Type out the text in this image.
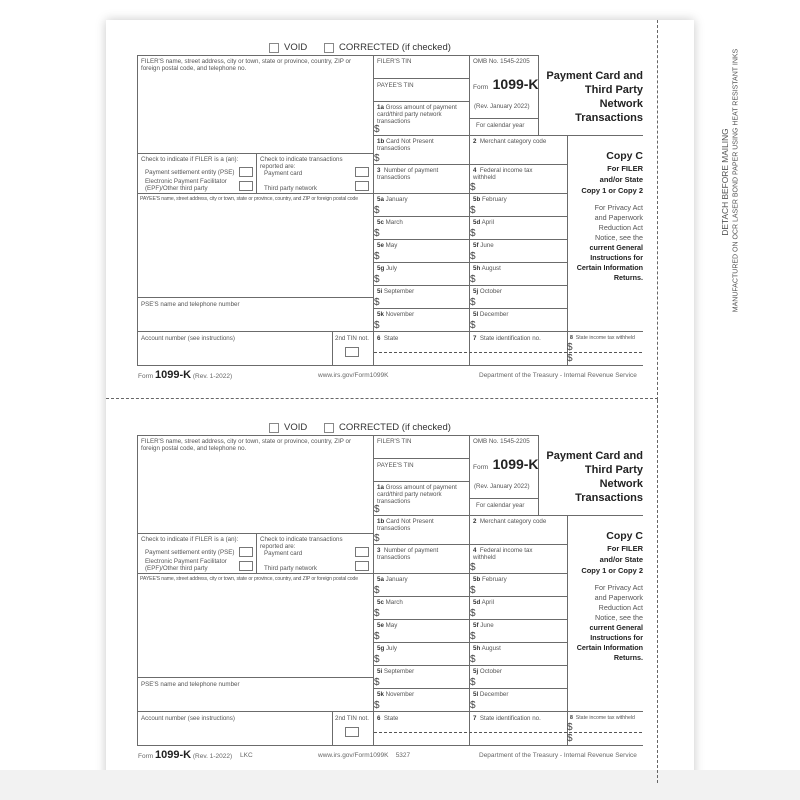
DETACH BEFORE MAILING MANUFACTURED ON OCR LASER BOND PAPER USING HEAT RESISTANT INKS
VOID	CORRECTED (if checked)
FILER'S name, street address, city or town, state or province, country, ZIP or foreign postal code, and telephone no.
FILER'S TIN
PAYEE'S TIN
1a Gross amount of payment card/third party network transactions
$
OMB No. 1545-2205
Form 1099-K
(Rev. January 2022)
For calendar year
Payment Card and
Third Party
Network
Transactions
1b Card Not Present transactions
$
2 Merchant category code
Copy C
For FILER
and/or State
Copy 1 or Copy 2
For Privacy Act
and Paperwork
Reduction Act
Notice, see the
current General
Instructions for
Certain Information
Returns.
Check to indicate if FILER is a (an):
Payment settlement entity (PSE)
Electronic Payment Facilitator (EPF)/Other third party
Check to indicate transactions reported are:
Payment card
Third party network
3 Number of payment transactions
4 Federal income tax withheld
$
PAYEE'S name, street address, city or town, state or province, country, and ZIP or foreign postal code
PSE'S name and telephone number
Account number (see instructions)	2nd TIN not.
5a January
$
5b February
$
5c March
$
5d April
$
5e May
$
5f June
$
5g July
$
5h August
$
5i September
$
5j October
$
5k November
$
5l December
$
6 State	7 State identification no.	8 State income tax withheld
$
$
Form 1099-K (Rev. 1-2022)	www.irs.gov/Form1099K	Department of the Treasury - Internal Revenue Service
VOID	CORRECTED (if checked)
FILER'S name, street address, city or town, state or province, country, ZIP or foreign postal code, and telephone no.
FILER'S TIN
PAYEE'S TIN
1a Gross amount of payment card/third party network transactions
$
OMB No. 1545-2205
Form 1099-K
(Rev. January 2022)
For calendar year
Payment Card and
Third Party
Network
Transactions
1b Card Not Present transactions
$
2 Merchant category code
Copy C
For FILER
and/or State
Copy 1 or Copy 2
For Privacy Act
and Paperwork
Reduction Act
Notice, see the
current General
Instructions for
Certain Information
Returns.
Check to indicate if FILER is a (an):
Payment settlement entity (PSE)
Electronic Payment Facilitator (EPF)/Other third party
Check to indicate transactions reported are:
Payment card
Third party network
3 Number of payment transactions
4 Federal income tax withheld
$
PAYEE'S name, street address, city or town, state or province, country, and ZIP or foreign postal code
PSE'S name and telephone number
Account number (see instructions)	2nd TIN not.
5a January
$
5b February
$
5c March
$
5d April
$
5e May
$
5f June
$
5g July
$
5h August
$
5i September
$
5j October
$
5k November
$
5l December
$
6 State	7 State identification no.	8 State income tax withheld
$
$
Form 1099-K (Rev. 1-2022) LKC	www.irs.gov/Form1099K 5327	Department of the Treasury - Internal Revenue Service
